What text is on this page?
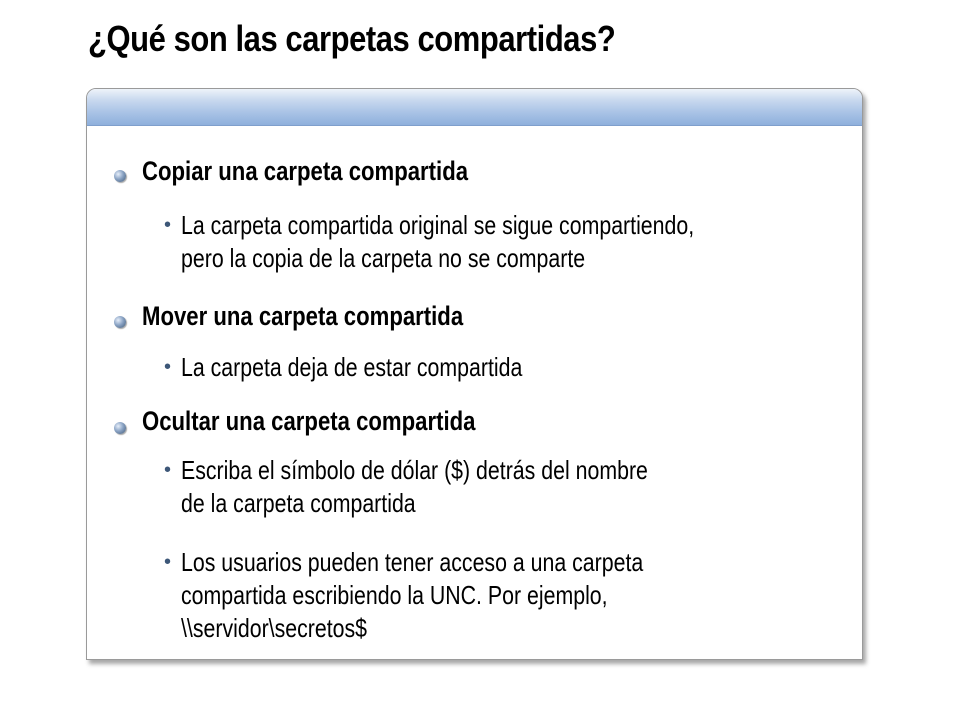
¿Qué son las carpetas compartidas?
Copiar una carpeta compartida
• La carpeta compartida original se sigue compartiendo,
pero la copia de la carpeta no se comparte
Mover una carpeta compartida
• La carpeta deja de estar compartida
Ocultar una carpeta compartida
• Escriba el símbolo de dólar ($) detrás del nombre
de la carpeta compartida
• Los usuarios pueden tener acceso a una carpeta
compartida escribiendo la UNC. Por ejemplo,
\\servidor\secretos$
